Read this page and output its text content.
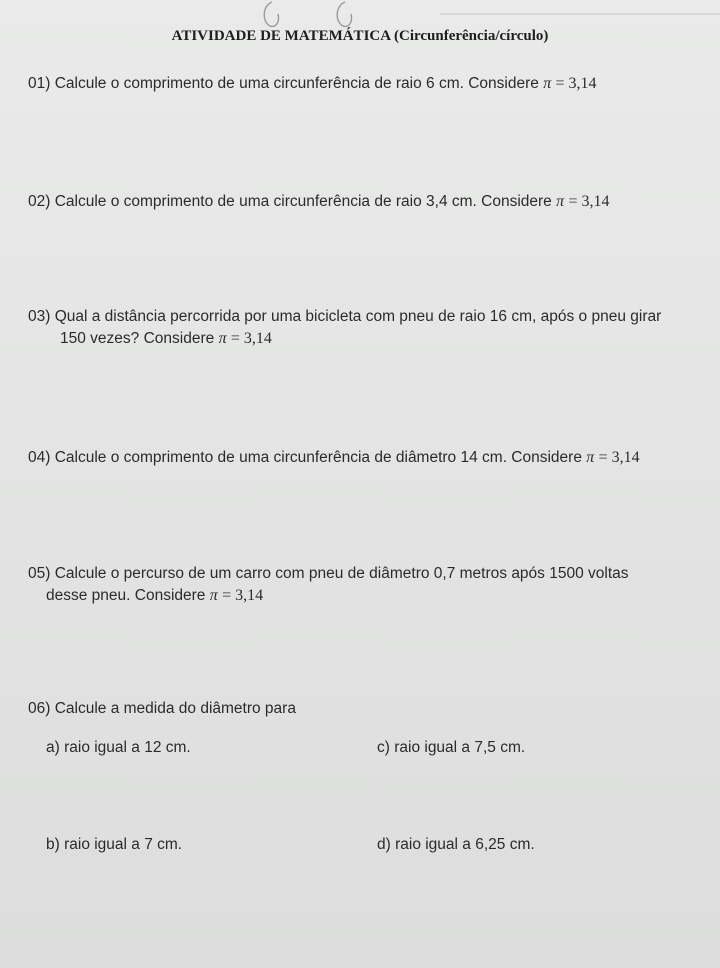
ATIVIDADE DE MATEMÁTICA (Circunferência/círculo)
01) Calcule o comprimento de uma circunferência de raio 6 cm. Considere π = 3,14
02) Calcule o comprimento de uma circunferência de raio 3,4 cm. Considere π = 3,14
03) Qual a distância percorrida por uma bicicleta com pneu de raio 16 cm, após o pneu girar
150 vezes? Considere π = 3,14
04) Calcule o comprimento de uma circunferência de diâmetro 14 cm. Considere π = 3,14
05) Calcule o percurso de um carro com pneu de diâmetro 0,7 metros após 1500 voltas
desse pneu. Considere π = 3,14
06) Calcule a medida do diâmetro para
a) raio igual a 12 cm.	c) raio igual a 7,5 cm.
b) raio igual a 7 cm.	d) raio igual a 6,25 cm.
